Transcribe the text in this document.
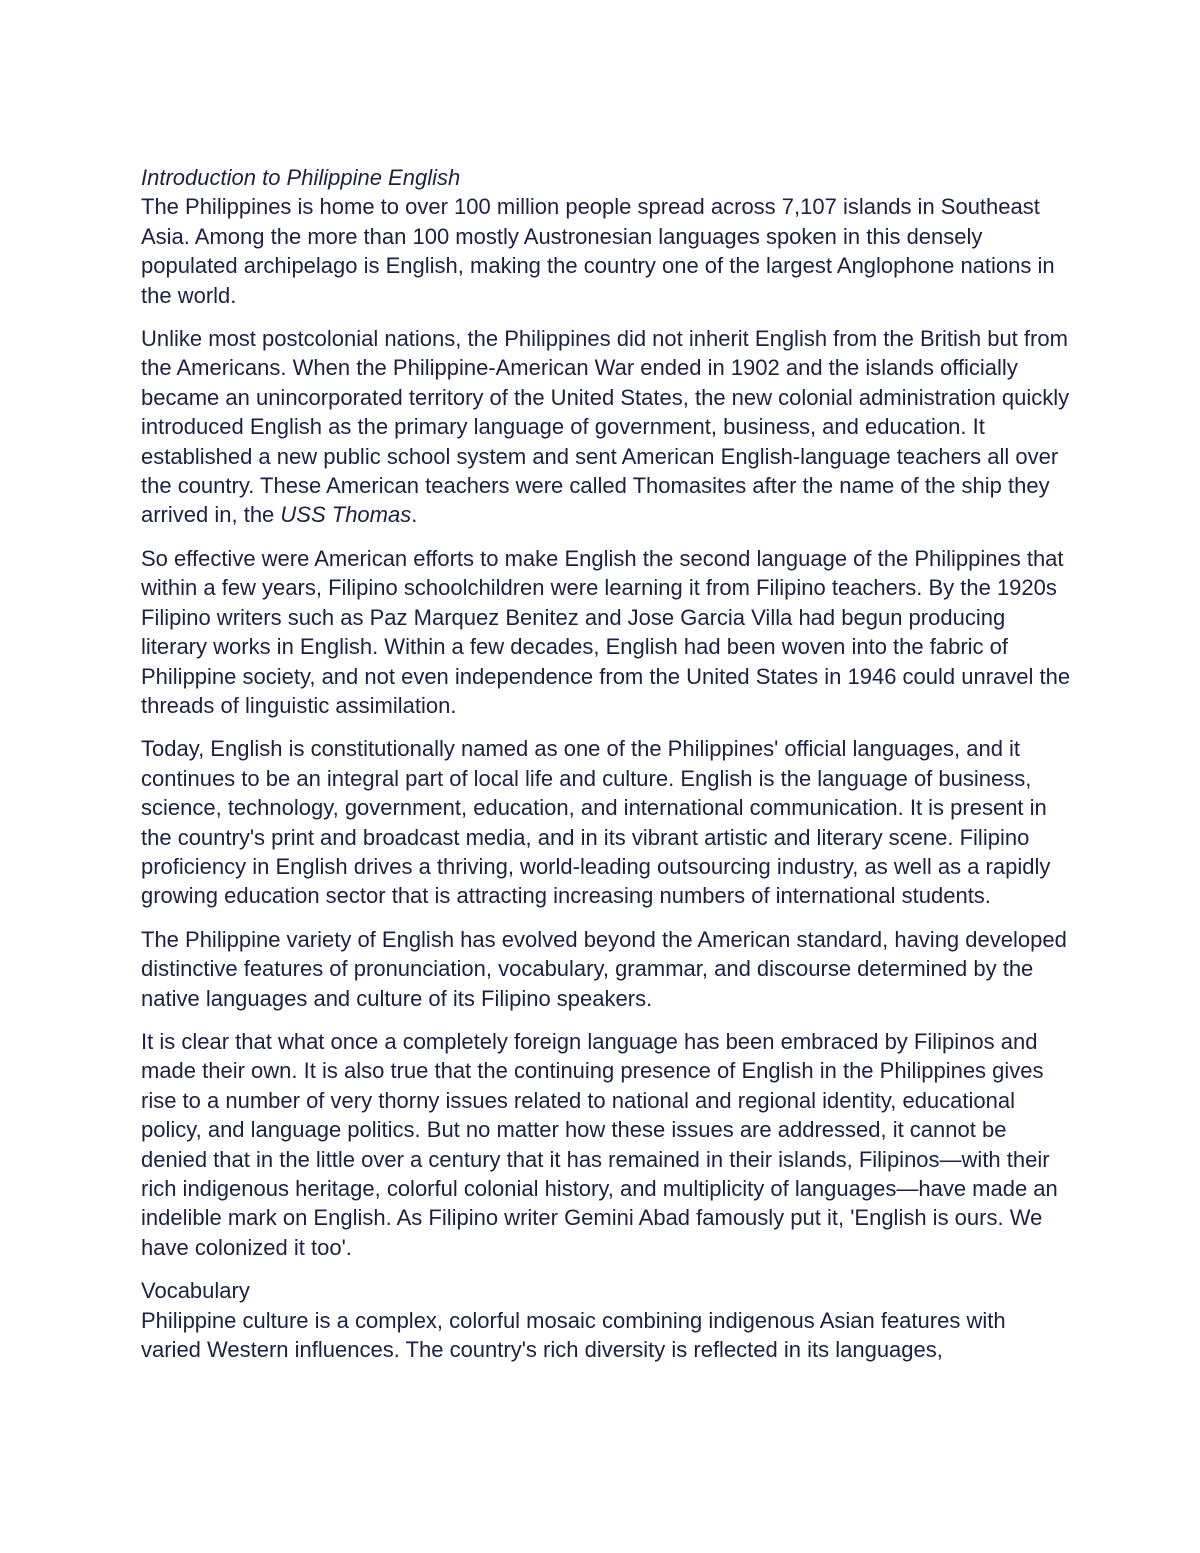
Introduction to Philippine English
The Philippines is home to over 100 million people spread across 7,107 islands in Southeast Asia. Among the more than 100 mostly Austronesian languages spoken in this densely populated archipelago is English, making the country one of the largest Anglophone nations in the world.

Unlike most postcolonial nations, the Philippines did not inherit English from the British but from the Americans. When the Philippine-American War ended in 1902 and the islands officially became an unincorporated territory of the United States, the new colonial administration quickly introduced English as the primary language of government, business, and education. It established a new public school system and sent American English-language teachers all over the country. These American teachers were called Thomasites after the name of the ship they arrived in, the USS Thomas.

So effective were American efforts to make English the second language of the Philippines that within a few years, Filipino schoolchildren were learning it from Filipino teachers. By the 1920s Filipino writers such as Paz Marquez Benitez and Jose Garcia Villa had begun producing literary works in English. Within a few decades, English had been woven into the fabric of Philippine society, and not even independence from the United States in 1946 could unravel the threads of linguistic assimilation.

Today, English is constitutionally named as one of the Philippines' official languages, and it continues to be an integral part of local life and culture. English is the language of business, science, technology, government, education, and international communication. It is present in the country's print and broadcast media, and in its vibrant artistic and literary scene. Filipino proficiency in English drives a thriving, world-leading outsourcing industry, as well as a rapidly growing education sector that is attracting increasing numbers of international students.

The Philippine variety of English has evolved beyond the American standard, having developed distinctive features of pronunciation, vocabulary, grammar, and discourse determined by the native languages and culture of its Filipino speakers.

It is clear that what once a completely foreign language has been embraced by Filipinos and made their own. It is also true that the continuing presence of English in the Philippines gives rise to a number of very thorny issues related to national and regional identity, educational policy, and language politics. But no matter how these issues are addressed, it cannot be denied that in the little over a century that it has remained in their islands, Filipinos—with their rich indigenous heritage, colorful colonial history, and multiplicity of languages—have made an indelible mark on English. As Filipino writer Gemini Abad famously put it, 'English is ours. We have colonized it too'.

Vocabulary
Philippine culture is a complex, colorful mosaic combining indigenous Asian features with varied Western influences. The country's rich diversity is reflected in its languages,
